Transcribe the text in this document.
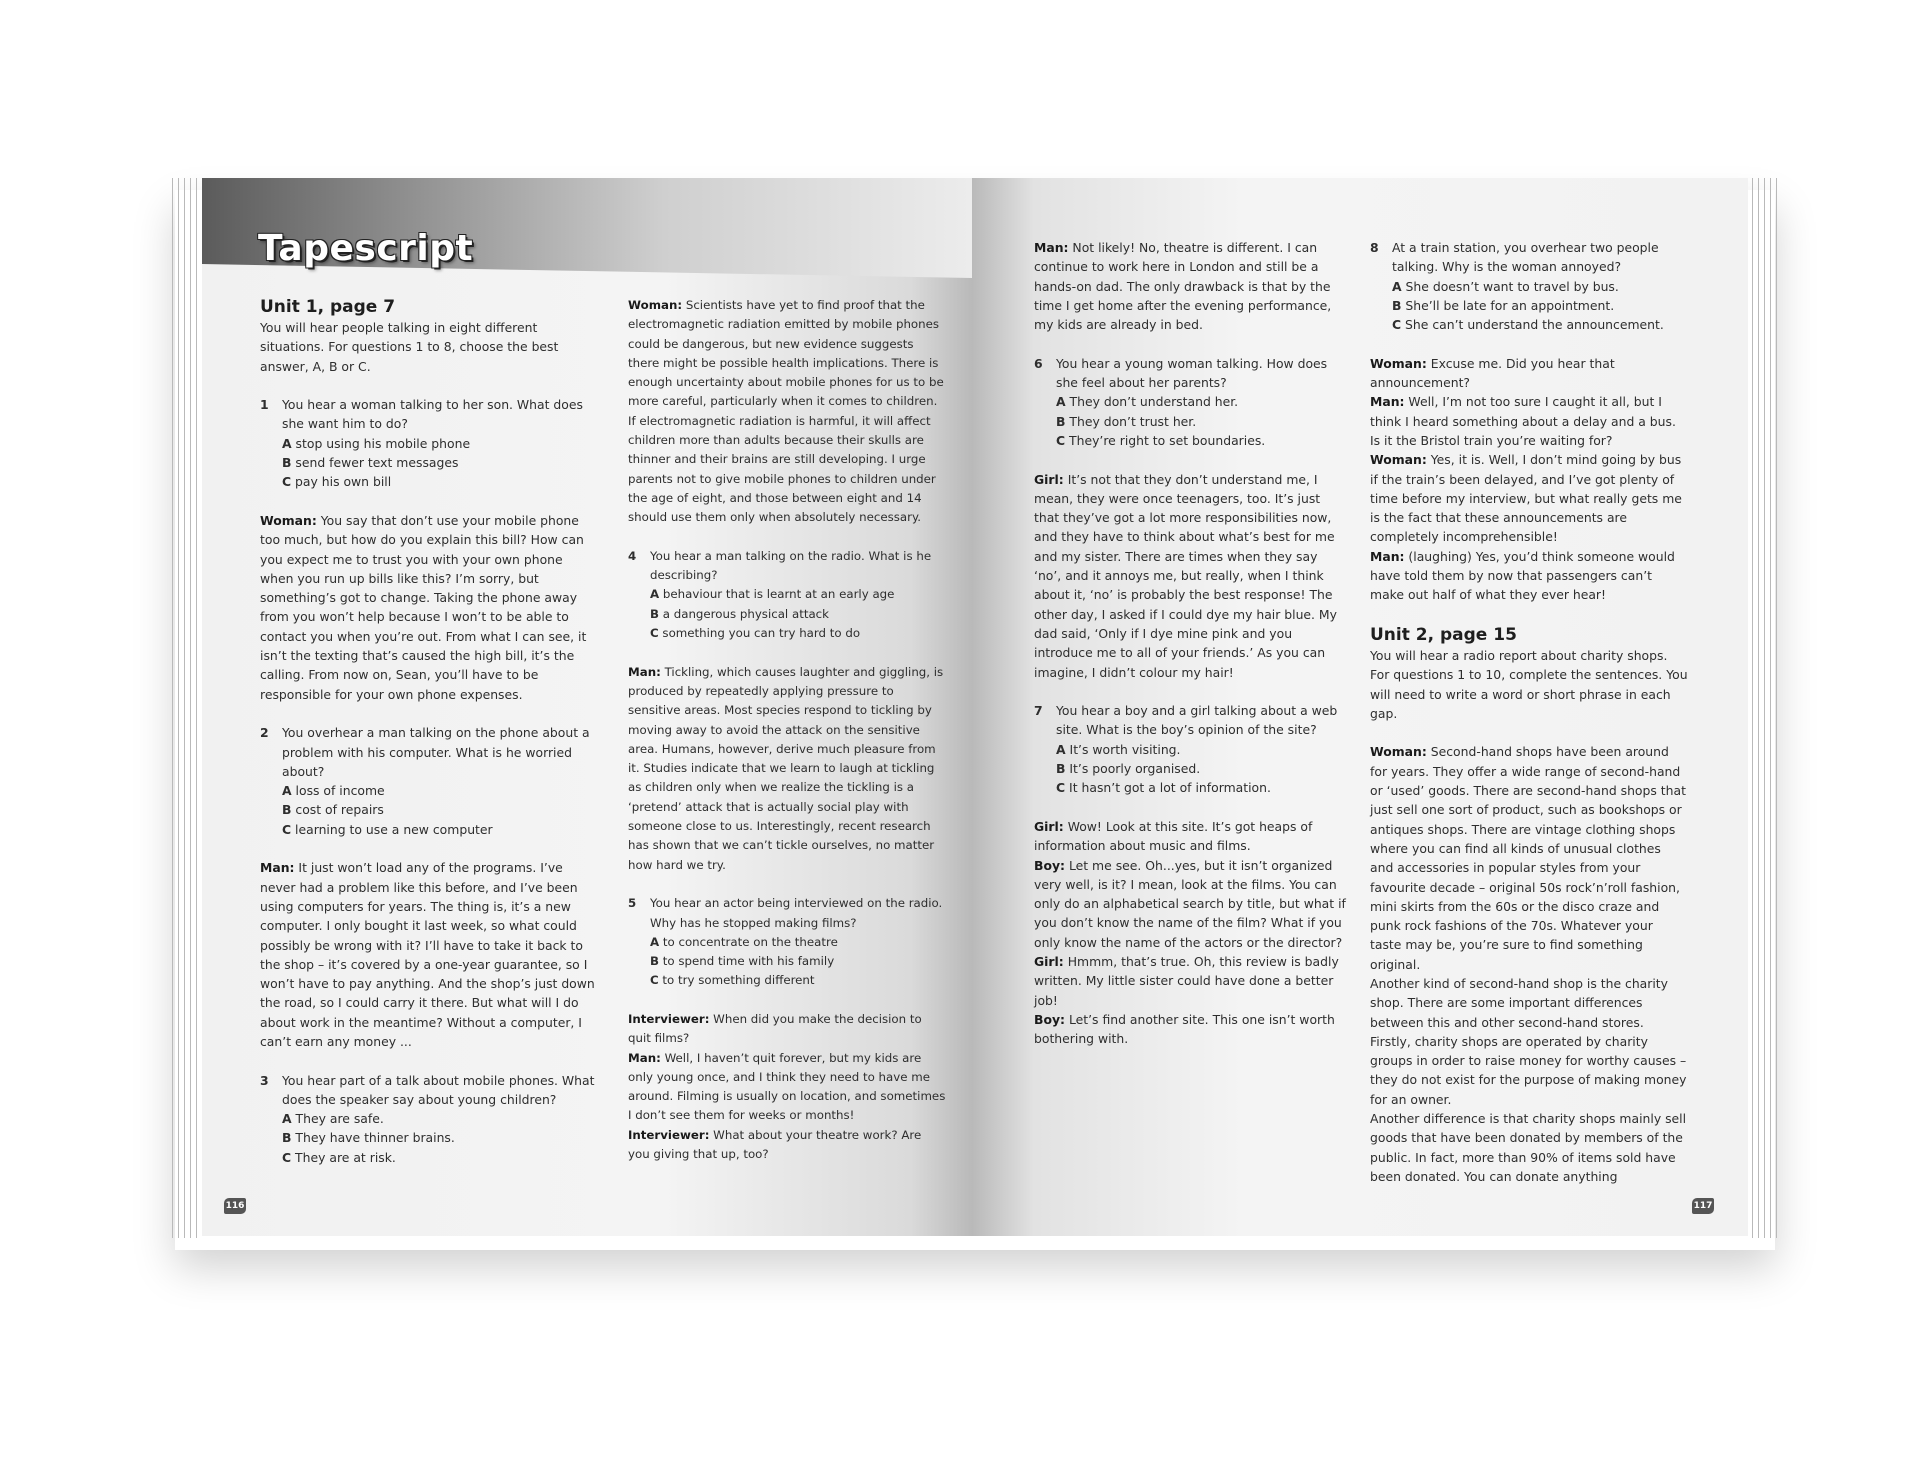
Tapescript
Unit 1, page 7

You will hear people talking in eight different situations. For questions 1 to 8, choose the best answer, A, B or C.

1	You hear a woman talking to her son. What does she want him to do?
A stop using his mobile phone
B send fewer text messages
C pay his own bill

Woman: You say that don’t use your mobile phone too much, but how do you explain this bill? How can you expect me to trust you with your own phone when you run up bills like this? I’m sorry, but something’s got to change. Taking the phone away from you won’t help because I won’t to be able to contact you when you’re out. From what I can see, it isn’t the texting that’s caused the high bill, it’s the calling. From now on, Sean, you’ll have to be responsible for your own phone expenses.

2	You overhear a man talking on the phone about a problem with his computer. What is he worried about?
A loss of income
B cost of repairs
C learning to use a new computer

Man: It just won’t load any of the programs. I’ve never had a problem like this before, and I’ve been using computers for years. The thing is, it’s a new computer. I only bought it last week, so what could possibly be wrong with it? I’ll have to take it back to the shop – it’s covered by a one-year guarantee, so I won’t have to pay anything. And the shop’s just down the road, so I could carry it there. But what will I do about work in the meantime? Without a computer, I can’t earn any money ...

3	You hear part of a talk about mobile phones. What does the speaker say about young children?
A They are safe.
B They have thinner brains.
C They are at risk.

Woman: Scientists have yet to find proof that the electromagnetic radiation emitted by mobile phones could be dangerous, but new evidence suggests there might be possible health implications. There is enough uncertainty about mobile phones for us to be more careful, particularly when it comes to children. If electromagnetic radiation is harmful, it will affect children more than adults because their skulls are thinner and their brains are still developing. I urge parents not to give mobile phones to children under the age of eight, and those between eight and 14 should use them only when absolutely necessary.

4	You hear a man talking on the radio. What is he describing?
A behaviour that is learnt at an early age
B a dangerous physical attack
C something you can try hard to do

Man: Tickling, which causes laughter and giggling, is produced by repeatedly applying pressure to sensitive areas. Most species respond to tickling by moving away to avoid the attack on the sensitive area. Humans, however, derive much pleasure from it. Studies indicate that we learn to laugh at tickling as children only when we realize the tickling is a ‘pretend’ attack that is actually social play with someone close to us. Interestingly, recent research has shown that we can’t tickle ourselves, no matter how hard we try.

5	You hear an actor being interviewed on the radio. Why has he stopped making films?
A to concentrate on the theatre
B to spend time with his family
C to try something different
Interviewer: When did you make the decision to quit films?
Man: Well, I haven’t quit forever, but my kids are only young once, and I think they need to have me around. Filming is usually on location, and sometimes I don’t see them for weeks or months!
Interviewer: What about your theatre work? Are you giving that up, too?
116

Man: Not likely! No, theatre is different. I can continue to work here in London and still be a hands-on dad. The only drawback is that by the time I get home after the evening performance, my kids are already in bed.

6	You hear a young woman talking. How does she feel about her parents?
A They don’t understand her.
B They don’t trust her.
C They’re right to set boundaries.

Girl: It’s not that they don’t understand me, I mean, they were once teenagers, too. It’s just that they’ve got a lot more responsibilities now, and they have to think about what’s best for me and my sister. There are times when they say ‘no’, and it annoys me, but really, when I think about it, ‘no’ is probably the best response! The other day, I asked if I could dye my hair blue. My dad said, ‘Only if I dye mine pink and you introduce me to all of your friends.’ As you can imagine, I didn’t colour my hair!

7	You hear a boy and a girl talking about a web site. What is the boy’s opinion of the site?
A It’s worth visiting.
B It’s poorly organised.
C It hasn’t got a lot of information.
Girl: Wow! Look at this site. It’s got heaps of information about music and films.
Boy: Let me see. Oh...yes, but it isn’t organized very well, is it? I mean, look at the films. You can only do an alphabetical search by title, but what if you don’t know the name of the film? What if you only know the name of the actors or the director?
Girl: Hmmm, that’s true. Oh, this review is badly written. My little sister could have done a better job!
Boy: Let’s find another site. This one isn’t worth bothering with.
8	At a train station, you overhear two people talking. Why is the woman annoyed?
A She doesn’t want to travel by bus.
B She’ll be late for an appointment.
C She can’t understand the announcement.

Woman: Excuse me. Did you hear that announcement?
Man: Well, I’m not too sure I caught it all, but I think I heard something about a delay and a bus. Is it the Bristol train you’re waiting for?
Woman: Yes, it is. Well, I don’t mind going by bus if the train’s been delayed, and I’ve got plenty of time before my interview, but what really gets me is the fact that these announcements are completely incomprehensible!
Man: (laughing) Yes, you’d think someone would have told them by now that passengers can’t make out half of what they ever hear!

Unit 2, page 15

You will hear a radio report about charity shops. For questions 1 to 10, complete the sentences. You will need to write a word or short phrase in each gap.

Woman: Second-hand shops have been around for years. They offer a wide range of second-hand or ‘used’ goods. There are second-hand shops that just sell one sort of product, such as bookshops or antiques shops. There are vintage clothing shops where you can find all kinds of unusual clothes and accessories in popular styles from your favourite decade – original 50s rock’n’roll fashion, mini skirts from the 60s or the disco craze and punk rock fashions of the 70s. Whatever your taste may be, you’re sure to find something original.
Another kind of second-hand shop is the charity shop. There are some important differences between this and other second-hand stores. Firstly, charity shops are operated by charity groups in order to raise money for worthy causes – they do not exist for the purpose of making money for an owner.
Another difference is that charity shops mainly sell goods that have been donated by members of the public. In fact, more than 90% of items sold have been donated. You can donate anything
117
